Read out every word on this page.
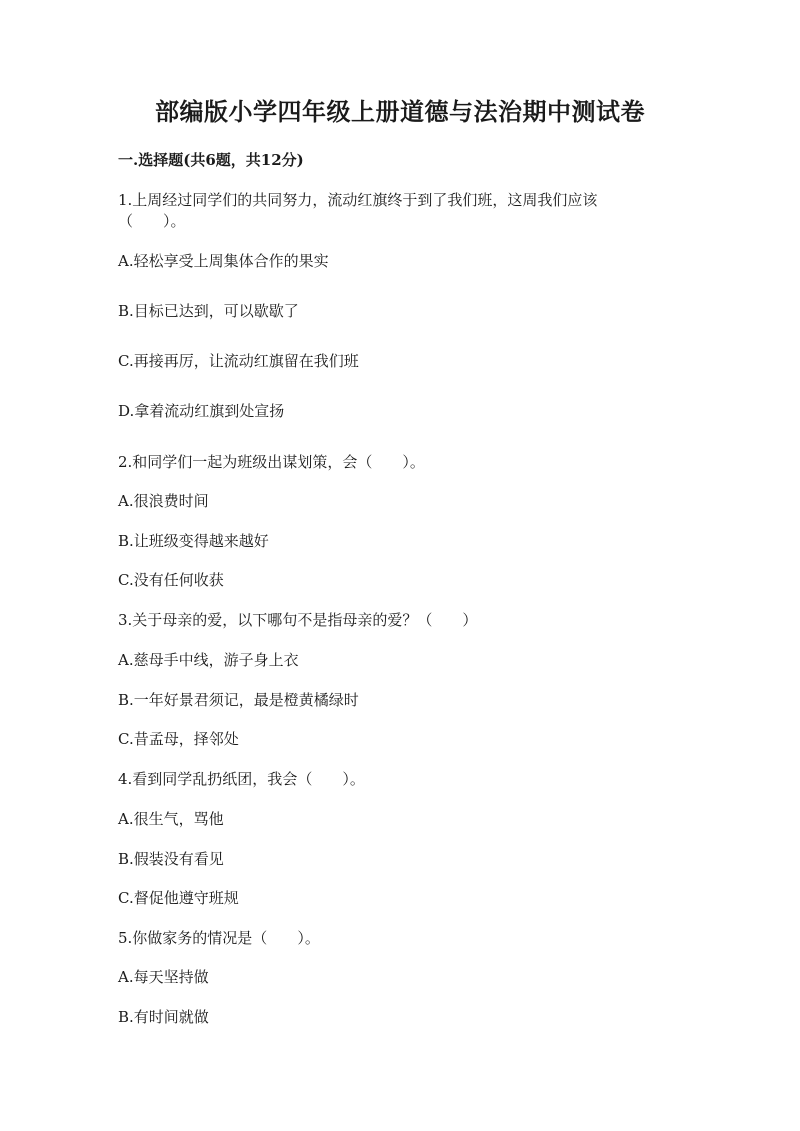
部编版小学四年级上册道德与法治期中测试卷
一.选择题(共6题，共12分)
1.上周经过同学们的共同努力，流动红旗终于到了我们班，这周我们应该
（　　）。
A.轻松享受上周集体合作的果实
B.目标已达到，可以歇歇了
C.再接再厉，让流动红旗留在我们班
D.拿着流动红旗到处宣扬
2.和同学们一起为班级出谋划策，会（　　）。
A.很浪费时间
B.让班级变得越来越好
C.没有任何收获
3.关于母亲的爱，以下哪句不是指母亲的爱？（　　）
A.慈母手中线，游子身上衣
B.一年好景君须记，最是橙黄橘绿时
C.昔孟母，择邻处
4.看到同学乱扔纸团，我会（　　）。
A.很生气，骂他
B.假装没有看见
C.督促他遵守班规
5.你做家务的情况是（　　）。
A.每天坚持做
B.有时间就做
